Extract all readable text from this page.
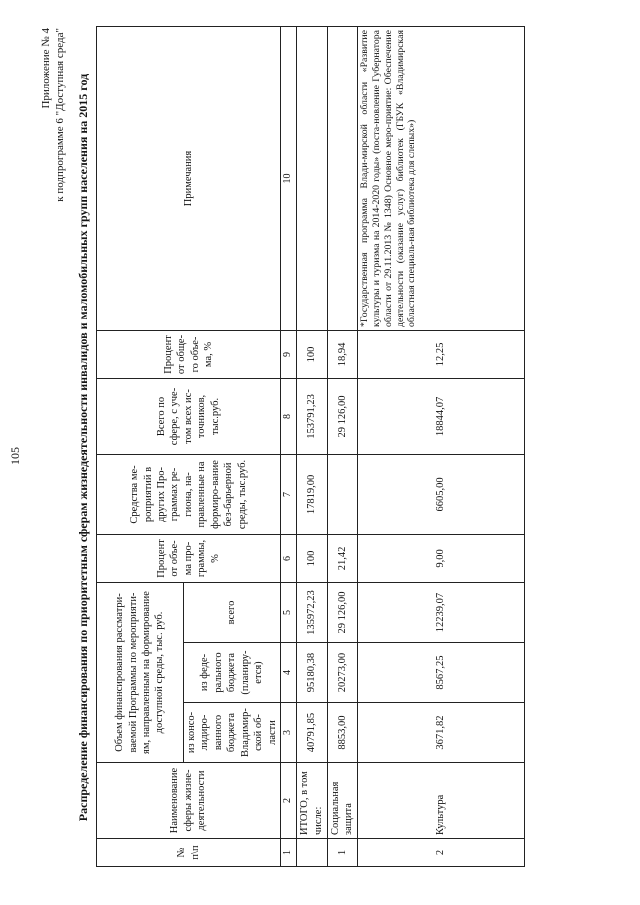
105
Приложение № 4 к подпрограмме 6 "Доступная среда" Распределение финансирования по приоритетным сферам жизнедеятельности инвалидов и маломобильных групп населения на 2015 год
№ п\п	Наименование сферы жизне-деятельности	Объем финансирования рассматри-ваемой Программы по мероприяти-ям, направленным на формирование доступной среды, тыс. руб.			Процент от объе-ма про-граммы, %	Средства ме-роприятий в других Про-граммах ре-гиона, на-правленные на формиро-вание без-барьерной среды, тыс.руб.	Всего по сфере, с уче-том всех ис-точников, тыс.руб.	Процент от обще-го объе-ма, %	Примечания
		из консо-лидиро-ванного бюджета Владимир-ской об-ласти	из феде-рального бюджета (планиру-ется)	всего					
1	2	3	4	5	6	7	8	9	10
	ИТОГО, в том числе:	40791,85	95180,38	135972,23	100	17819,00	153791,23	100	
1	Социальная защита	8853,00	20273,00	29 126,00	21,42		29 126,00	18,94	
2	Культура	3671,82	8567,25	12239,07	9,00	6605,00	18844,07	12,25	*Государственная программа Влади-мирской области «Развитие культуры и туризма на 2014-2020 годы» (поста-новление Губернатора области от 29.11.2013 № 1348) Основное меро-приятие: Обеспечение деятельности (оказание услуг) библиотек (ГБУК «Владимирская областная специаль-ная библиотека для слепых»)
